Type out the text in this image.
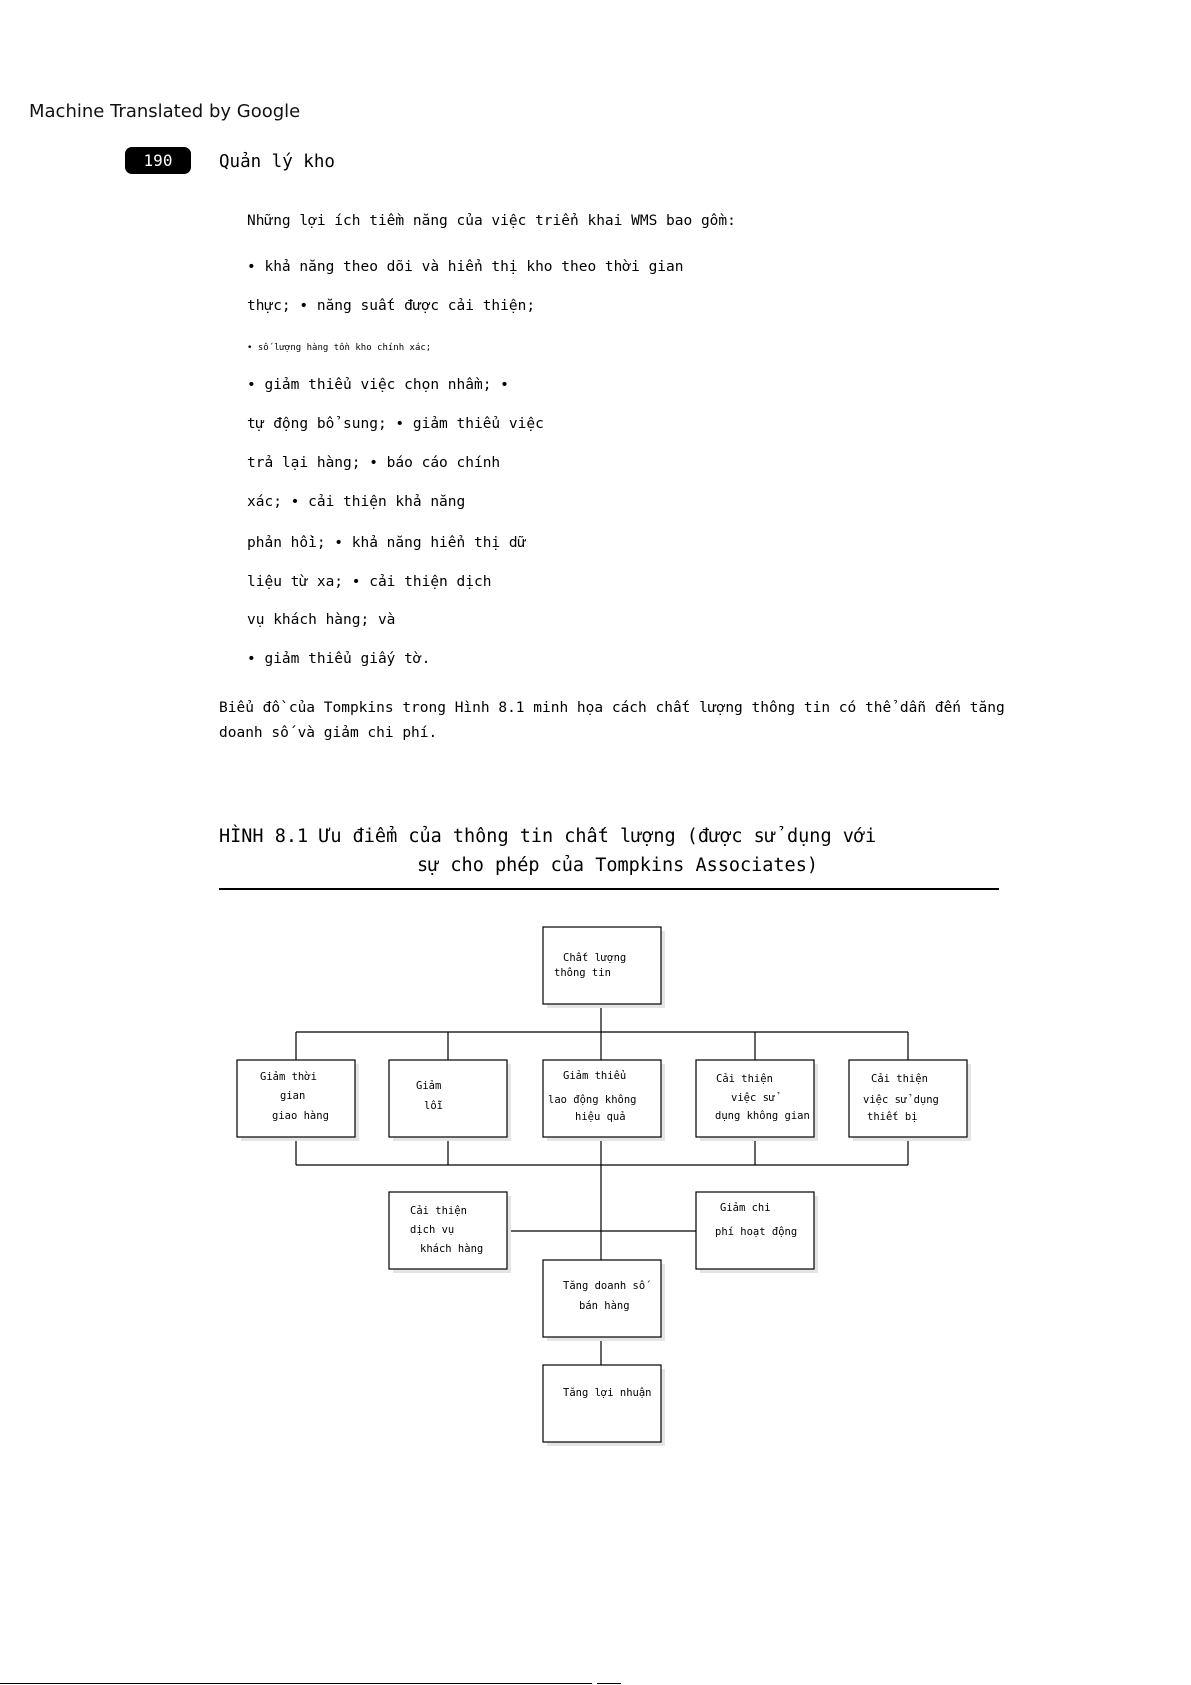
Machine Translated by Google
190	Quản lý kho
Những lợi ích tiềm năng của việc triển khai WMS bao gồm:
• khả năng theo dõi và hiển thị kho theo thời gian
thực; • năng suất được cải thiện;
• số lượng hàng tồn kho chính xác;
• giảm thiểu việc chọn nhầm; •
tự động bổ sung; • giảm thiểu việc
trả lại hàng; • báo cáo chính
xác; • cải thiện khả năng
phản hồi; • khả năng hiển thị dữ
liệu từ xa; • cải thiện dịch
vụ khách hàng; và
• giảm thiểu giấy tờ.
Biểu đồ của Tompkins trong Hình 8.1 minh họa cách chất lượng thông tin có thể dẫn đến tăng
doanh số và giảm chi phí.
HÌNH 8.1 Ưu điểm của thông tin chất lượng (được sử dụng với
sự cho phép của Tompkins Associates)
Chất lượng
thông tin
Giảm thời
gian
giao hàng
Giảm
lỗi
Giảm thiểu
lao động không
hiệu quả
Cải thiện
việc sử
dụng không gian
Cải thiện
việc sử dụng
thiết bị
Cải thiện
dịch vụ
khách hàng
Giảm chi
phí hoạt động
Tăng doanh số
bán hàng
Tăng lợi nhuận
